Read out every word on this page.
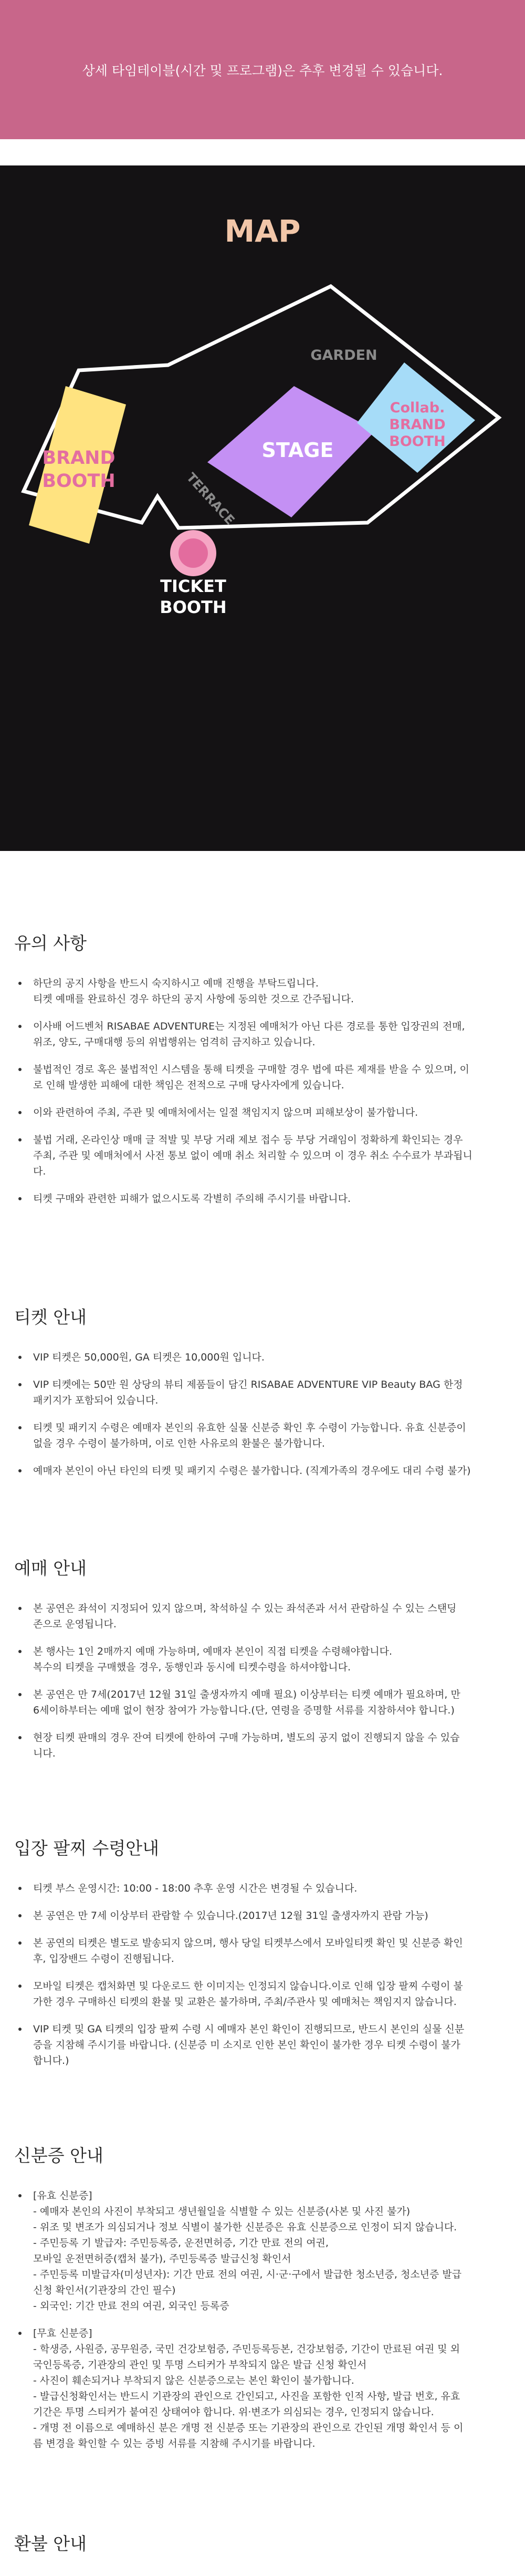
상세 타임테이블(시간 및 프로그램)은 추후 변경될 수 있습니다.
MAP
GARDEN
BRAND
BOOTH
STAGE
Collab.
BRAND
BOOTH
TERRACE
TICKET
BOOTH
유의 사항
하단의 공지 사항을 반드시 숙지하시고 예매 진행을 부탁드립니다.
티켓 예매를 완료하신 경우 하단의 공지 사항에 동의한 것으로 간주됩니다.
이사배 어드벤처 RISABAE ADVENTURE는 지정된 예매처가 아닌 다른 경로를 통한 입장권의 전매,
위조, 양도, 구매대행 등의 위법행위는 엄격히 금지하고 있습니다.
불법적인 경로 혹은 불법적인 시스템을 통해 티켓을 구매할 경우 법에 따른 제재를 받을 수 있으며, 이
로 인해 발생한 피해에 대한 책임은 전적으로 구매 당사자에게 있습니다.
이와 관련하여 주최, 주관 및 예매처에서는 일절 책임지지 않으며 피해보상이 불가합니다.
불법 거래, 온라인상 매매 글 적발 및 부당 거래 제보 접수 등 부당 거래임이 정확하게 확인되는 경우
주최, 주관 및 예매처에서 사전 통보 없이 예매 취소 처리할 수 있으며 이 경우 취소 수수료가 부과됩니
다.
티켓 구매와 관련한 피해가 없으시도록 각별히 주의해 주시기를 바랍니다.
티켓 안내
VIP 티켓은 50,000원, GA 티켓은 10,000원 입니다.
VIP 티켓에는 50만 원 상당의 뷰티 제품들이 담긴 RISABAE ADVENTURE VIP Beauty BAG 한정
패키지가 포함되어 있습니다.
티켓 및 패키지 수령은 예매자 본인의 유효한 실물 신분증 확인 후 수령이 가능합니다. 유효 신분증이
없을 경우 수령이 불가하며, 이로 인한 사유로의 환불은 불가합니다.
예매자 본인이 아닌 타인의 티켓 및 패키지 수령은 불가합니다. (직계가족의 경우에도 대리 수령 불가)
예매 안내
본 공연은 좌석이 지정되어 있지 않으며, 착석하실 수 있는 좌석존과 서서 관람하실 수 있는 스탠딩
존으로 운영됩니다.
본 행사는 1인 2매까지 예매 가능하며, 예매자 본인이 직접 티켓을 수령해야합니다.
복수의 티켓을 구매했을 경우, 동행인과 동시에 티켓수령을 하셔야합니다.
본 공연은 만 7세(2017년 12월 31일 출생자까지 예매 필요) 이상부터는 티켓 예매가 필요하며, 만
6세이하부터는 예매 없이 현장 참여가 가능합니다.(단, 연령을 증명할 서류를 지참하셔야 합니다.)
현장 티켓 판매의 경우 잔여 티켓에 한하여 구매 가능하며, 별도의 공지 없이 진행되지 않을 수 있습
니다.
입장 팔찌 수령안내
티켓 부스 운영시간: 10:00 - 18:00 추후 운영 시간은 변경될 수 있습니다.
본 공연은 만 7세 이상부터 관람할 수 있습니다.(2017년 12월 31일 출생자까지 관람 가능)
본 공연의 티켓은 별도로 발송되지 않으며, 행사 당일 티켓부스에서 모바일티켓 확인 및 신분증 확인
후, 입장밴드 수령이 진행됩니다.
모바일 티켓은 캡처화면 및 다운로드 한 이미지는 인정되지 않습니다.이로 인해 입장 팔찌 수령이 불
가한 경우 구매하신 티켓의 환불 및 교환은 불가하며, 주최/주관사 및 예매처는 책임지지 않습니다.
VIP 티켓 및 GA 티켓의 입장 팔찌 수령 시 예매자 본인 확인이 진행되므로, 반드시 본인의 실물 신분
증을 지참해 주시기를 바랍니다. (신분증 미 소지로 인한 본인 확인이 불가한 경우 티켓 수령이 불가
합니다.)
신분증 안내
[유효 신분증]
- 예매자 본인의 사진이 부착되고 생년월일을 식별할 수 있는 신분증(사본 및 사진 불가)
- 위조 및 변조가 의심되거나 정보 식별이 불가한 신분증은 유효 신분증으로 인정이 되지 않습니다.
- 주민등록 기 발급자: 주민등록증, 운전면허증, 기간 만료 전의 여권,
모바일 운전면허증(캡처 불가), 주민등록증 발급신청 확인서
- 주민등록 미발급자(미성년자): 기간 만료 전의 여권, 시·군·구에서 발급한 청소년증, 청소년증 발급
신청 확인서(기관장의 간인 필수)
- 외국인: 기간 만료 전의 여권, 외국인 등록증
[무효 신분증]
- 학생증, 사원증, 공무원증, 국민 건강보험증, 주민등록등본, 건강보험증, 기간이 만료된 여권 및 외
국인등록증, 기관장의 관인 및 투명 스티커가 부착되지 않은 발급 신청 확인서
- 사진이 훼손되거나 부착되지 않은 신분증으로는 본인 확인이 불가합니다.
- 발급신청확인서는 반드시 기관장의 관인으로 간인되고, 사진을 포함한 인적 사항, 발급 번호, 유효
기간은 투명 스티커가 붙여진 상태여야 합니다. 위·변조가 의심되는 경우, 인정되지 않습니다.
- 개명 전 이름으로 예매하신 분은 개명 전 신분증 또는 기관장의 관인으로 간인된 개명 확인서 등 이
름 변경을 확인할 수 있는 증빙 서류를 지참해 주시기를 바랍니다.
환불 안내
